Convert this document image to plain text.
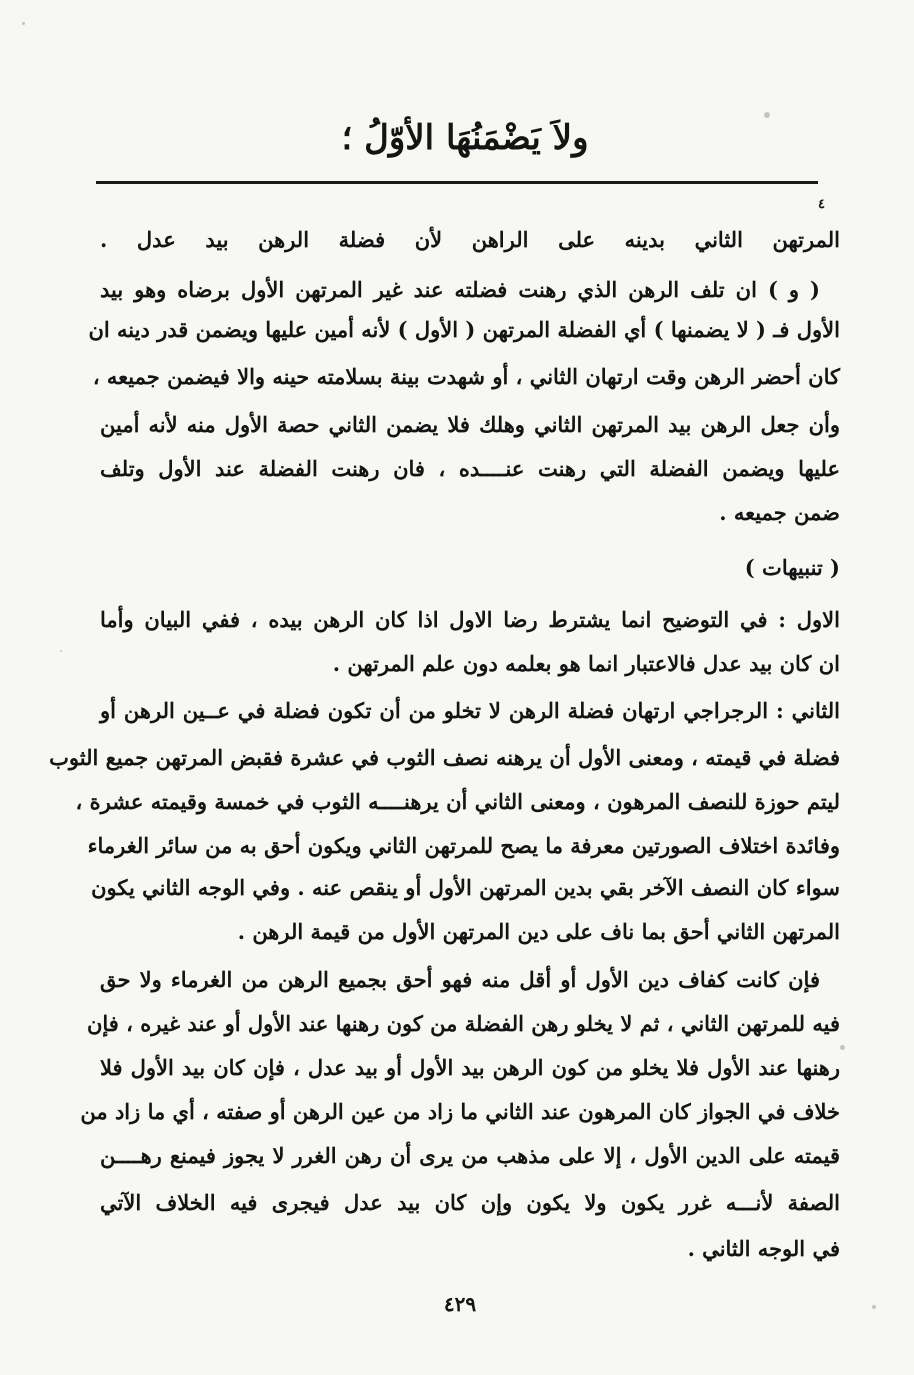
ولاَ يَضْمَنُهَا الأوّلُ ؛
٤
المرتهن الثاني بدينه على الراهن لأن فضلة الرهن بيد عدل .
( و ) ان تلف الرهن الذي رهنت فضلته عند غير المرتهن الأول برضاه وهو بيد
الأول فـ ( لا يضمنها ) أي الفضلة المرتهن ( الأول ) لأنه أمين عليها ويضمن قدر دينه ان
كان أحضر الرهن وقت ارتهان الثاني ، أو شهدت بينة بسلامته حينه والا فيضمن جميعه ،
وأن جعل الرهن بيد المرتهن الثاني وهلك فلا يضمن الثاني حصة الأول منه لأنه أمين
عليها ويضمن الفضلة التي رهنت عنــــده ، فان رهنت الفضلة عند الأول وتلف
ضمن جميعه .
( تنبيهات )
الاول : في التوضيح انما يشترط رضا الاول اذا كان الرهن بيده ، ففي البيان وأما
ان كان بيد عدل فالاعتبار انما هو بعلمه دون علم المرتهن .
الثاني : الرجراجي ارتهان فضلة الرهن لا تخلو من أن تكون فضلة في عــين الرهن أو
فضلة في قيمته ، ومعنى الأول أن يرهنه نصف الثوب في عشرة فقبض المرتهن جميع الثوب
ليتم حوزة للنصف المرهون ، ومعنى الثاني أن يرهنــــه الثوب في خمسة وقيمته عشرة ،
وفائدة اختلاف الصورتين معرفة ما يصح للمرتهن الثاني ويكون أحق به من سائر الغرماء
سواء كان النصف الآخر بقي بدين المرتهن الأول أو ينقص عنه . وفي الوجه الثاني يكون
المرتهن الثاني أحق بما ناف على دين المرتهن الأول من قيمة الرهن .
فإن كانت كفاف دين الأول أو أقل منه فهو أحق بجميع الرهن من الغرماء ولا حق
فيه للمرتهن الثاني ، ثم لا يخلو رهن الفضلة من كون رهنها عند الأول أو عند غيره ، فإن
رهنها عند الأول فلا يخلو من كون الرهن بيد الأول أو بيد عدل ، فإن كان بيد الأول فلا
خلاف في الجواز كان المرهون عند الثاني ما زاد من عين الرهن أو صفته ، أي ما زاد من
قيمته على الدين الأول ، إلا على مذهب من يرى أن رهن الغرر لا يجوز فيمنع رهــــن
الصفة لأنـــه غرر يكون ولا يكون وإن كان بيد عدل فيجرى فيه الخلاف الآتي
في الوجه الثاني .
٤٢٩
